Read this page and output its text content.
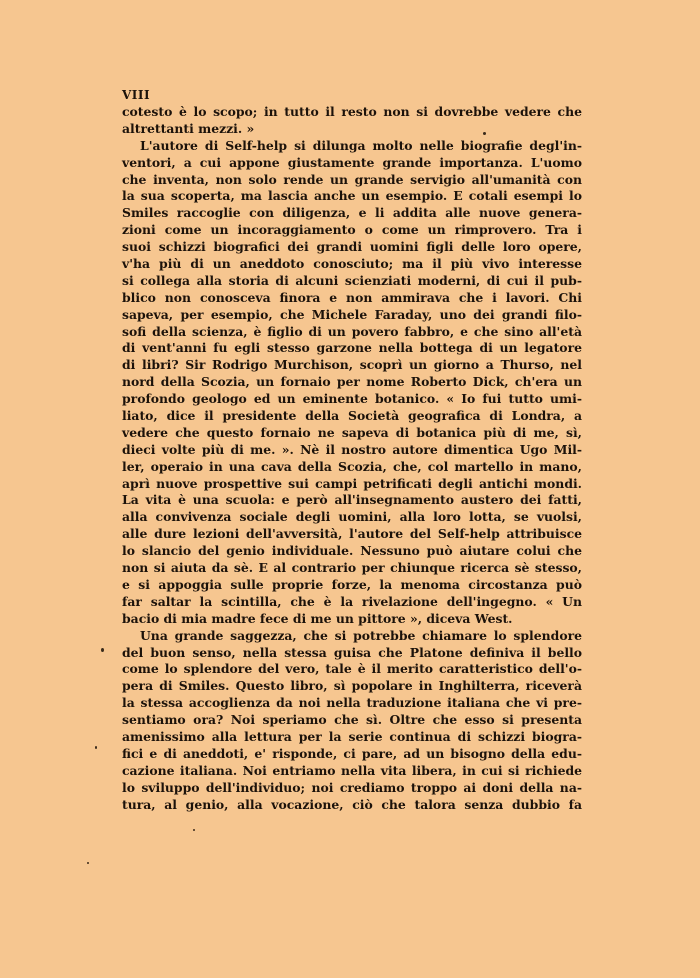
VIII
cotesto è lo scopo; in tutto il resto non si dovrebbe vedere che
altrettanti mezzi. »
L'autore di Self-help si dilunga molto nelle biografie degl'in-
ventori, a cui appone giustamente grande importanza. L'uomo
che inventa, non solo rende un grande servigio all'umanità con
la sua scoperta, ma lascia anche un esempio. E cotali esempi lo
Smiles raccoglie con diligenza, e li addita alle nuove genera-
zioni come un incoraggiamento o come un rimprovero. Tra i
suoi schizzi biografici dei grandi uomini figli delle loro opere,
v'ha più di un aneddoto conosciuto; ma il più vivo interesse
si collega alla storia di alcuni scienziati moderni, di cui il pub-
blico non conosceva finora e non ammirava che i lavori. Chi
sapeva, per esempio, che Michele Faraday, uno dei grandi filo-
sofi della scienza, è figlio di un povero fabbro, e che sino all'età
di vent'anni fu egli stesso garzone nella bottega di un legatore
di libri? Sir Rodrigo Murchison, scoprì un giorno a Thurso, nel
nord della Scozia, un fornaio per nome Roberto Dick, ch'era un
profondo geologo ed un eminente botanico. « Io fui tutto umi-
liato, dice il presidente della Società geografica di Londra, a
vedere che questo fornaio ne sapeva di botanica più di me, sì,
dieci volte più di me. ». Nè il nostro autore dimentica Ugo Mil-
ler, operaio in una cava della Scozia, che, col martello in mano,
aprì nuove prospettive sui campi petrificati degli antichi mondi.
La vita è una scuola: e però all'insegnamento austero dei fatti,
alla convivenza sociale degli uomini, alla loro lotta, se vuolsi,
alle dure lezioni dell'avversità, l'autore del Self-help attribuisce
lo slancio del genio individuale. Nessuno può aiutare colui che
non si aiuta da sè. E al contrario per chiunque ricerca sè stesso,
e si appoggia sulle proprie forze, la menoma circostanza può
far saltar la scintilla, che è la rivelazione dell'ingegno. « Un
bacio di mia madre fece di me un pittore », diceva West.
Una grande saggezza, che si potrebbe chiamare lo splendore
del buon senso, nella stessa guisa che Platone definiva il bello
come lo splendore del vero, tale è il merito caratteristico dell'o-
pera di Smiles. Questo libro, sì popolare in Inghilterra, riceverà
la stessa accoglienza da noi nella traduzione italiana che vi pre-
sentiamo ora? Noi speriamo che sì. Oltre che esso si presenta
amenissimo alla lettura per la serie continua di schizzi biogra-
fici e di aneddoti, e' risponde, ci pare, ad un bisogno della edu-
cazione italiana. Noi entriamo nella vita libera, in cui si richiede
lo sviluppo dell'individuo; noi crediamo troppo ai doni della na-
tura, al genio, alla vocazione, ciò che talora senza dubbio fa
